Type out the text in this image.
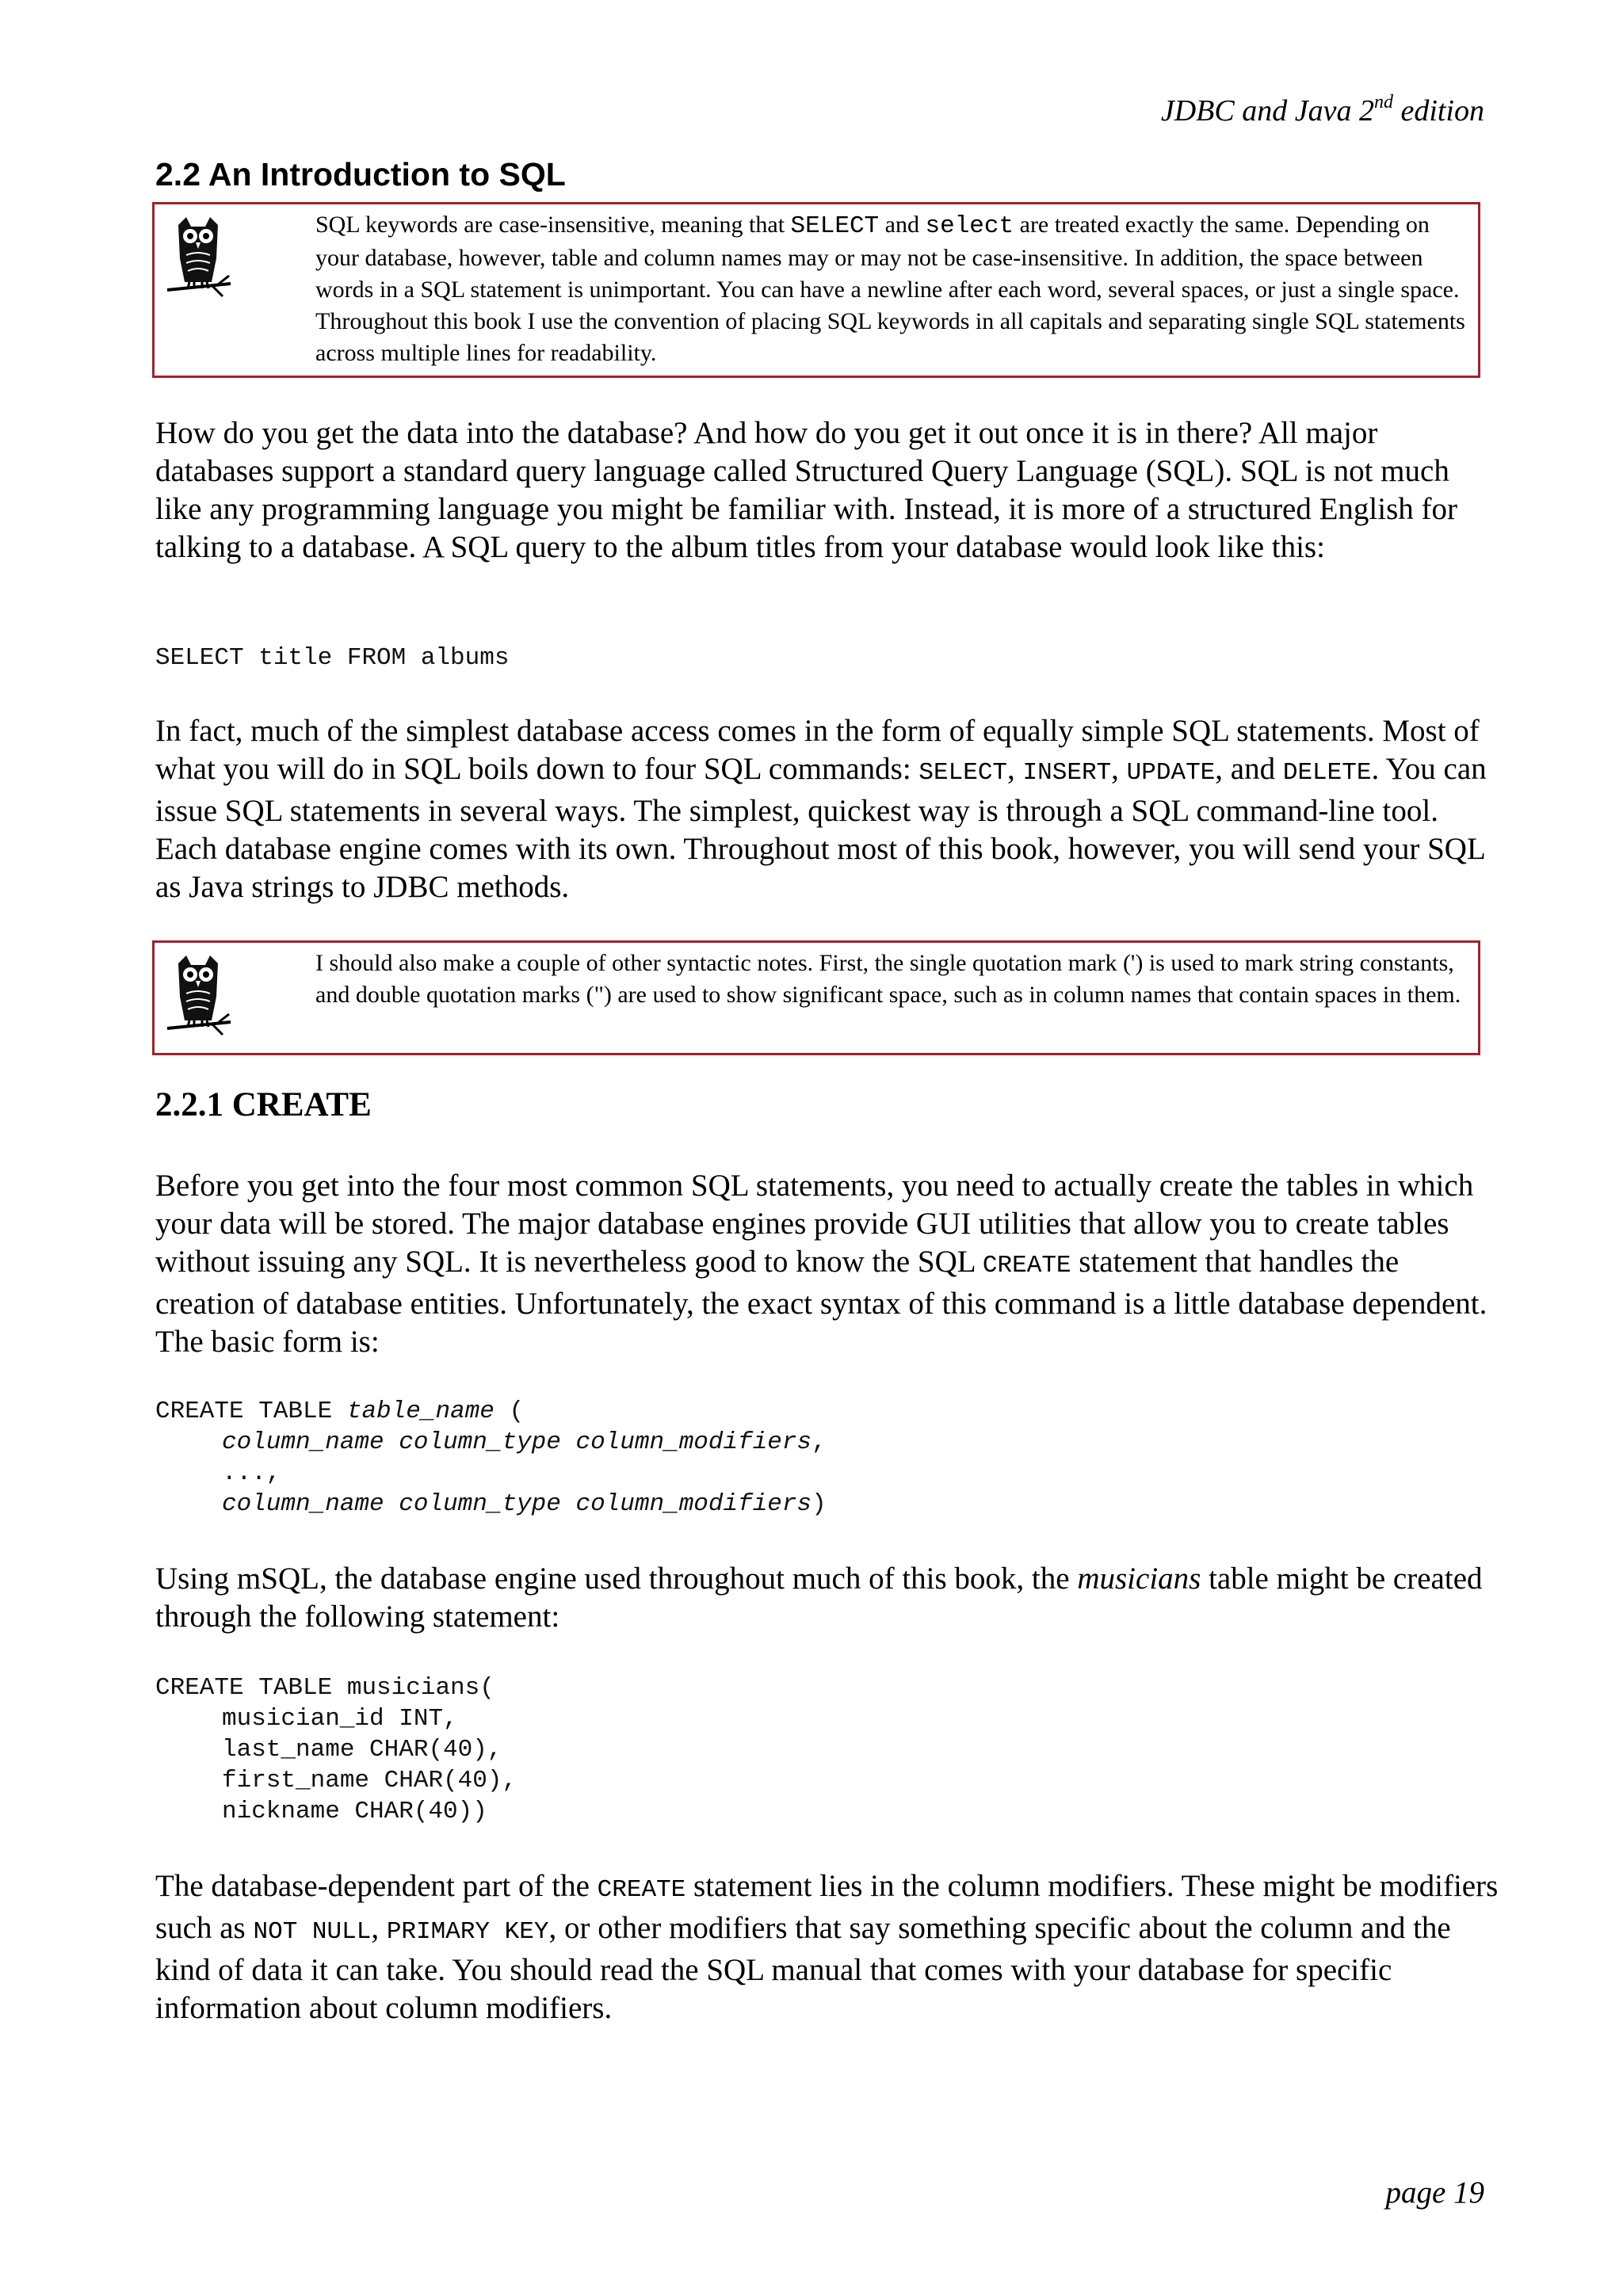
JDBC and Java 2nd edition
2.2 An Introduction to SQL
SQL keywords are case-insensitive, meaning that SELECT and select are treated exactly the same. Depending on your database, however, table and column names may or may not be case-insensitive. In addition, the space between words in a SQL statement is unimportant. You can have a newline after each word, several spaces, or just a single space. Throughout this book I use the convention of placing SQL keywords in all capitals and separating single SQL statements across multiple lines for readability.
How do you get the data into the database? And how do you get it out once it is in there? All major databases support a standard query language called Structured Query Language (SQL). SQL is not much like any programming language you might be familiar with. Instead, it is more of a structured English for talking to a database. A SQL query to the album titles from your database would look like this:
SELECT title FROM albums
In fact, much of the simplest database access comes in the form of equally simple SQL statements. Most of what you will do in SQL boils down to four SQL commands: SELECT, INSERT, UPDATE, and DELETE. You can issue SQL statements in several ways. The simplest, quickest way is through a SQL command-line tool. Each database engine comes with its own. Throughout most of this book, however, you will send your SQL as Java strings to JDBC methods.
I should also make a couple of other syntactic notes. First, the single quotation mark (') is used to mark string constants, and double quotation marks (") are used to show significant space, such as in column names that contain spaces in them.
2.2.1 CREATE
Before you get into the four most common SQL statements, you need to actually create the tables in which your data will be stored. The major database engines provide GUI utilities that allow you to create tables without issuing any SQL. It is nevertheless good to know the SQL CREATE statement that handles the creation of database entities. Unfortunately, the exact syntax of this command is a little database dependent. The basic form is:
CREATE TABLE table_name (
column_name column_type column_modifiers,
...,
column_name column_type column_modifiers)
Using mSQL, the database engine used throughout much of this book, the musicians table might be created through the following statement:
CREATE TABLE musicians(
musician_id INT,
last_name CHAR(40),
first_name CHAR(40),
nickname CHAR(40))
The database-dependent part of the CREATE statement lies in the column modifiers. These might be modifiers such as NOT NULL, PRIMARY KEY, or other modifiers that say something specific about the column and the kind of data it can take. You should read the SQL manual that comes with your database for specific information about column modifiers.
page 19
